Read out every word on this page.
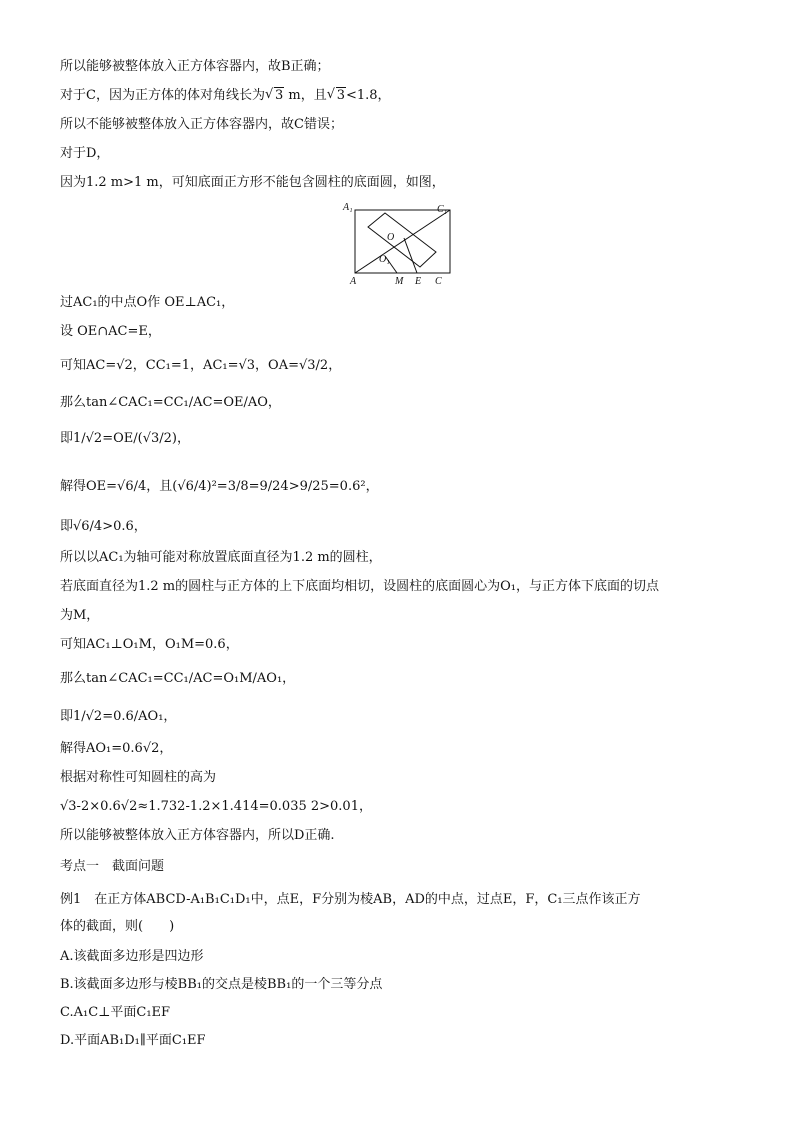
所以能够被整体放入正方体容器内，故B正确；
对于C，因为正方体的体对角线长为 √ 3 m，且 √ 3<1.8，
所以不能够被整体放入正方体容器内，故C错误；
对于D，
因为1.2 m>1 m，可知底面正方形不能包含圆柱的底面圆，如图，
A₁	C₁
O
O₁
A	M E C
过AC₁的中点O作 OE⊥AC₁，
设 OE∩AC=E，
可知AC=√2，CC₁=1，AC₁=√3，OA=√3/2，
那么tan∠CAC₁=CC₁/AC=OE/AO，
即1/√2=OE/(√3/2)，
解得OE=√6/4，且(√6/4)²=3/8=9/24>9/25=0.6²，
即√6/4>0.6，
所以以AC₁为轴可能对称放置底面直径为1.2 m的圆柱，
若底面直径为1.2 m的圆柱与正方体的上下底面均相切，设圆柱的底面圆心为O₁，与正方体下底面的切点
为M，
可知AC₁⊥O₁M，O₁M=0.6，
那么tan∠CAC₁=CC₁/AC=O₁M/AO₁，
即1/√2=0.6/AO₁，
解得AO₁=0.6√2，
根据对称性可知圆柱的高为
√3-2×0.6√2≈1.732-1.2×1.414=0.035 2>0.01，
所以能够被整体放入正方体容器内，所以D正确.
考点一　截面问题
例1　在正方体ABCD-A₁B₁C₁D₁中，点E，F分别为棱AB，AD的中点，过点E，F，C₁三点作该正方
体的截面，则(　　)
A.该截面多边形是四边形
B.该截面多边形与棱BB₁的交点是棱BB₁的一个三等分点
C.A₁C⊥平面C₁EF
D.平面AB₁D₁∥平面C₁EF
